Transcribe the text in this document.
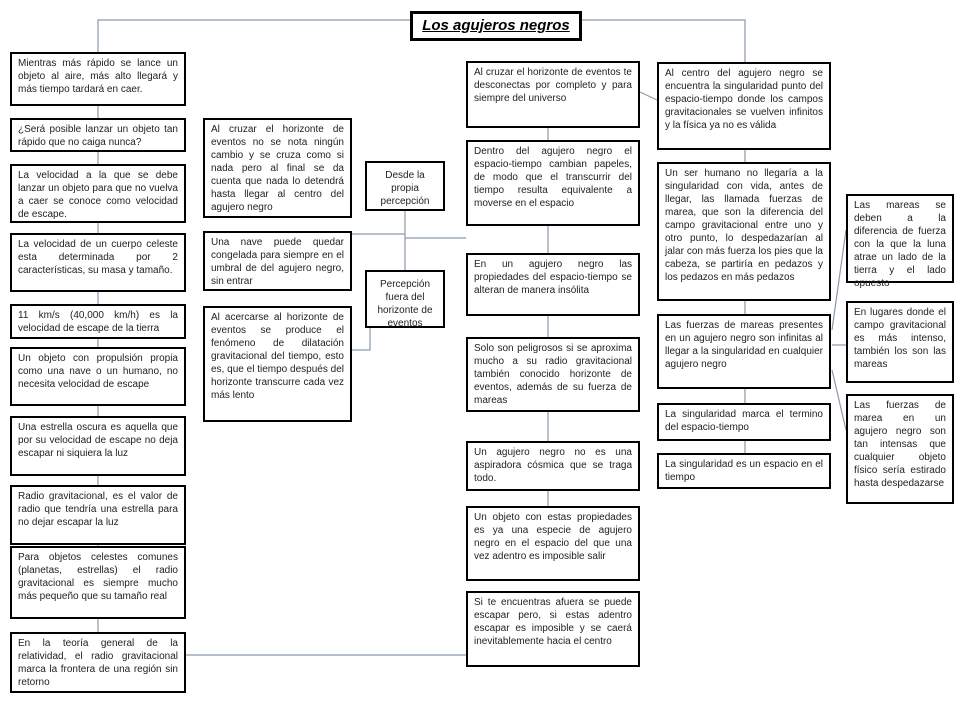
Los agujeros negros
Mientras más rápido se lance un objeto al aire, más alto llegará y más tiempo tardará en caer.
¿Será posible lanzar un objeto tan rápido que no caiga nunca?
La velocidad a la que se debe lanzar un objeto para que no vuelva a caer se conoce como velocidad de escape.
La velocidad de un cuerpo celeste esta determinada por 2 características, su masa y tamaño.
11 km/s (40,000 km/h) es la velocidad de escape de la tierra
Un objeto con propulsión propia como una nave o un humano, no necesita velocidad de escape
Una estrella oscura es aquella que por su velocidad de escape no deja escapar ni siquiera la luz
Radio gravitacional, es el valor de radio que tendría una estrella para no dejar escapar la luz
Para objetos celestes comunes (planetas, estrellas) el radio gravitacional es siempre mucho más pequeño que su tamaño real
En la teoría general de la relatividad, el radio gravitacional marca la frontera de una región sin retorno
Al cruzar el horizonte de eventos no se nota ningún cambio y se cruza como si nada pero al final se da cuenta que nada lo detendrá hasta llegar al centro del agujero negro
Una nave puede quedar congelada para siempre en el umbral de del agujero negro, sin entrar
Al acercarse al horizonte de eventos se produce el fenómeno de dilatación gravitacional del tiempo, esto es, que el tiempo después del horizonte transcurre cada vez más lento
Desde la propia percepción
Percepción fuera del horizonte de eventos
Al cruzar el horizonte de eventos te desconectas por completo y para siempre del universo
Dentro del agujero negro el espacio-tiempo cambian papeles, de modo que el transcurrir del tiempo resulta equivalente a moverse en el espacio
En un agujero negro las propiedades del espacio-tiempo se alteran de manera insólita
Solo son peligrosos si se aproxima mucho a su radio gravitacional también conocido horizonte de eventos, además de su fuerza de mareas
Un agujero negro no es una aspiradora cósmica que se traga todo.
Un objeto con estas propiedades es ya una especie de agujero negro en el espacio del que una vez adentro es imposible salir
Si te encuentras afuera se puede escapar pero, si estas adentro escapar es imposible y se caerá inevitablemente hacia el centro
Al centro del agujero negro se encuentra la singularidad punto del espacio-tiempo donde los campos gravitacionales se vuelven infinitos y la física ya no es válida
Un ser humano no llegaría a la singularidad con vida, antes de llegar, las llamada fuerzas de marea, que son la diferencia del campo gravitacional entre uno y otro punto, lo despedazarían al jalar con más fuerza los pies que la cabeza, se partiría en pedazos y los pedazos en más pedazos
Las fuerzas de mareas presentes en un agujero negro son infinitas al llegar a la singularidad en cualquier agujero negro
La singularidad marca el termino del espacio-tiempo
La singularidad es un espacio en el tiempo
Las mareas se deben a la diferencia de fuerza con la que la luna atrae un lado de la tierra y el lado opuesto
En lugares donde el campo gravitacional es más intenso, también los son las mareas
Las fuerzas de marea en un agujero negro son tan intensas que cualquier objeto físico sería estirado hasta despedazarse
